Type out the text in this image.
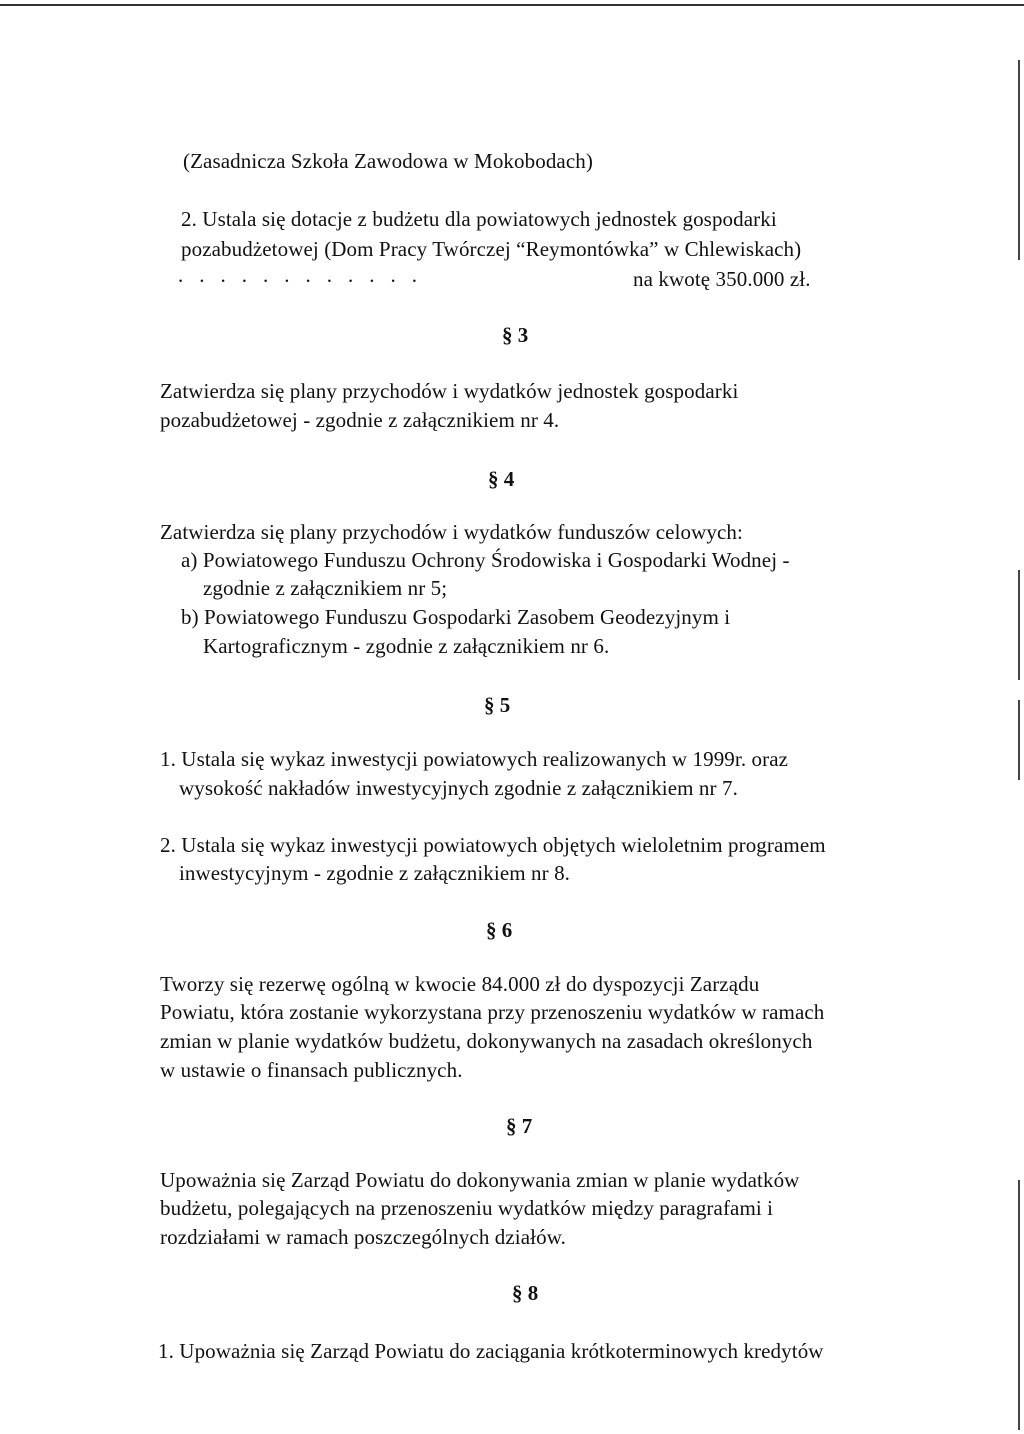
(Zasadnicza Szkoła Zawodowa w Mokobodach)
2. Ustala się dotacje z budżetu dla powiatowych jednostek gospodarki
pozabudżetowej (Dom Pracy Twórczej “Reymontówka” w Chlewiskach)
............	na kwotę 350.000 zł.
§ 3
Zatwierdza się plany przychodów i wydatków jednostek gospodarki
pozabudżetowej - zgodnie z załącznikiem nr 4.
§ 4
Zatwierdza się plany przychodów i wydatków funduszów celowych:
a) Powiatowego Funduszu Ochrony Środowiska i Gospodarki Wodnej -
zgodnie z załącznikiem nr 5;
b) Powiatowego Funduszu Gospodarki Zasobem Geodezyjnym i
Kartograficznym - zgodnie z załącznikiem nr 6.
§ 5
1. Ustala się wykaz inwestycji powiatowych realizowanych w 1999r. oraz
wysokość nakładów inwestycyjnych zgodnie z załącznikiem nr 7.
2. Ustala się wykaz inwestycji powiatowych objętych wieloletnim programem
inwestycyjnym - zgodnie z załącznikiem nr 8.
§ 6
Tworzy się rezerwę ogólną w kwocie 84.000 zł do dyspozycji Zarządu
Powiatu, która zostanie wykorzystana przy przenoszeniu wydatków w ramach
zmian w planie wydatków budżetu, dokonywanych na zasadach określonych
w ustawie o finansach publicznych.
§ 7
Upoważnia się Zarząd Powiatu do dokonywania zmian w planie wydatków
budżetu, polegających na przenoszeniu wydatków między paragrafami i
rozdziałami w ramach poszczególnych działów.
§ 8
1. Upoważnia się Zarząd Powiatu do zaciągania krótkoterminowych kredytów
